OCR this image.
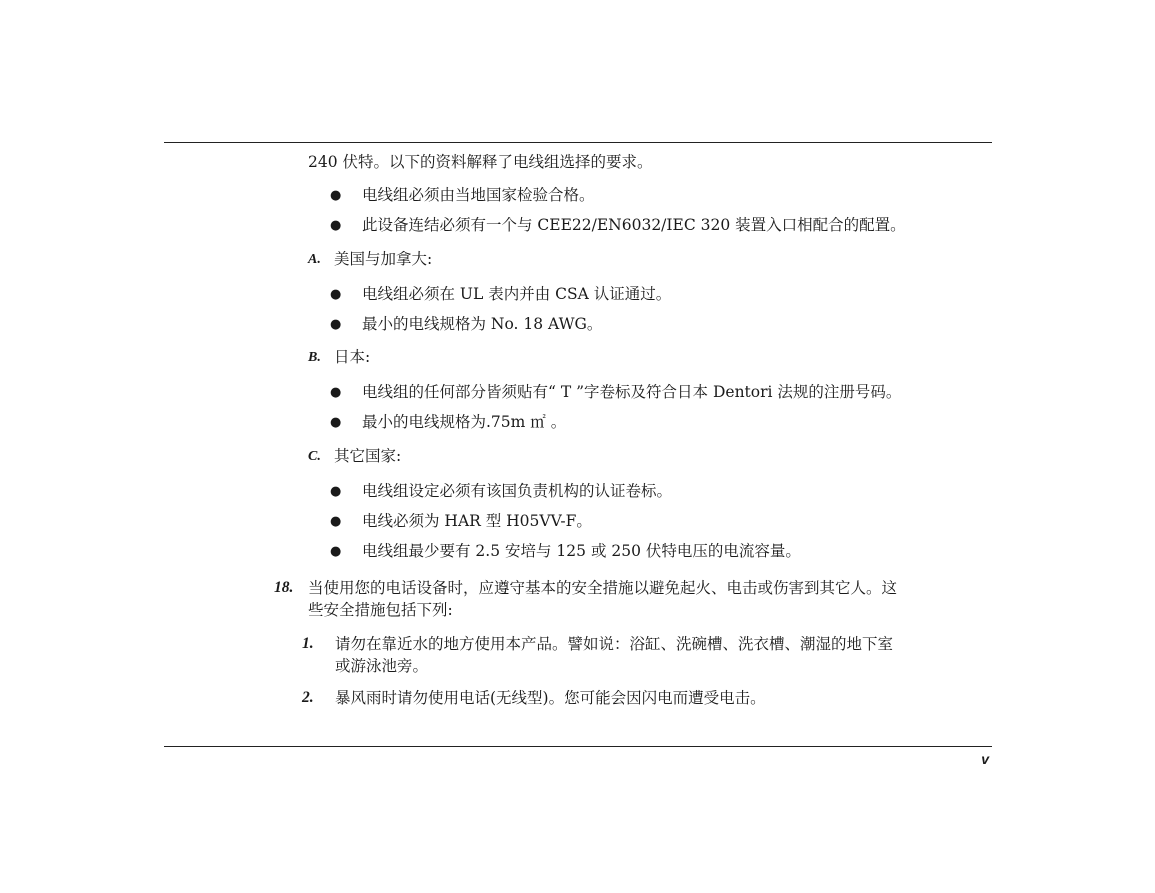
240 伏特。以下的资料解释了电线组选择的要求。
● 电线组必须由当地国家检验合格。
● 此设备连结必须有一个与 CEE22/EN6032/IEC 320 装置入口相配合的配置。
A. 美国与加拿大:
● 电线组必须在 UL 表内并由 CSA 认证通过。
● 最小的电线规格为 No. 18 AWG。
B. 日本:
● 电线组的任何部分皆须贴有“ T ”字卷标及符合日本 Dentori 法规的注册号码。
● 最小的电线规格为.75m ㎡ 。
C. 其它国家:
● 电线组设定必须有该国负责机构的认证卷标。
● 电线必须为 HAR 型 H05VV-F。
● 电线组最少要有 2.5 安培与 125 或 250 伏特电压的电流容量。
18. 当使用您的电话设备时，应遵守基本的安全措施以避免起火、电击或伤害到其它人。这
些安全措施包括下列:
1. 请勿在靠近水的地方使用本产品。譬如说：浴缸、洗碗槽、洗衣槽、潮湿的地下室
或游泳池旁。
2. 暴风雨时请勿使用电话(无线型)。您可能会因闪电而遭受电击。
v
